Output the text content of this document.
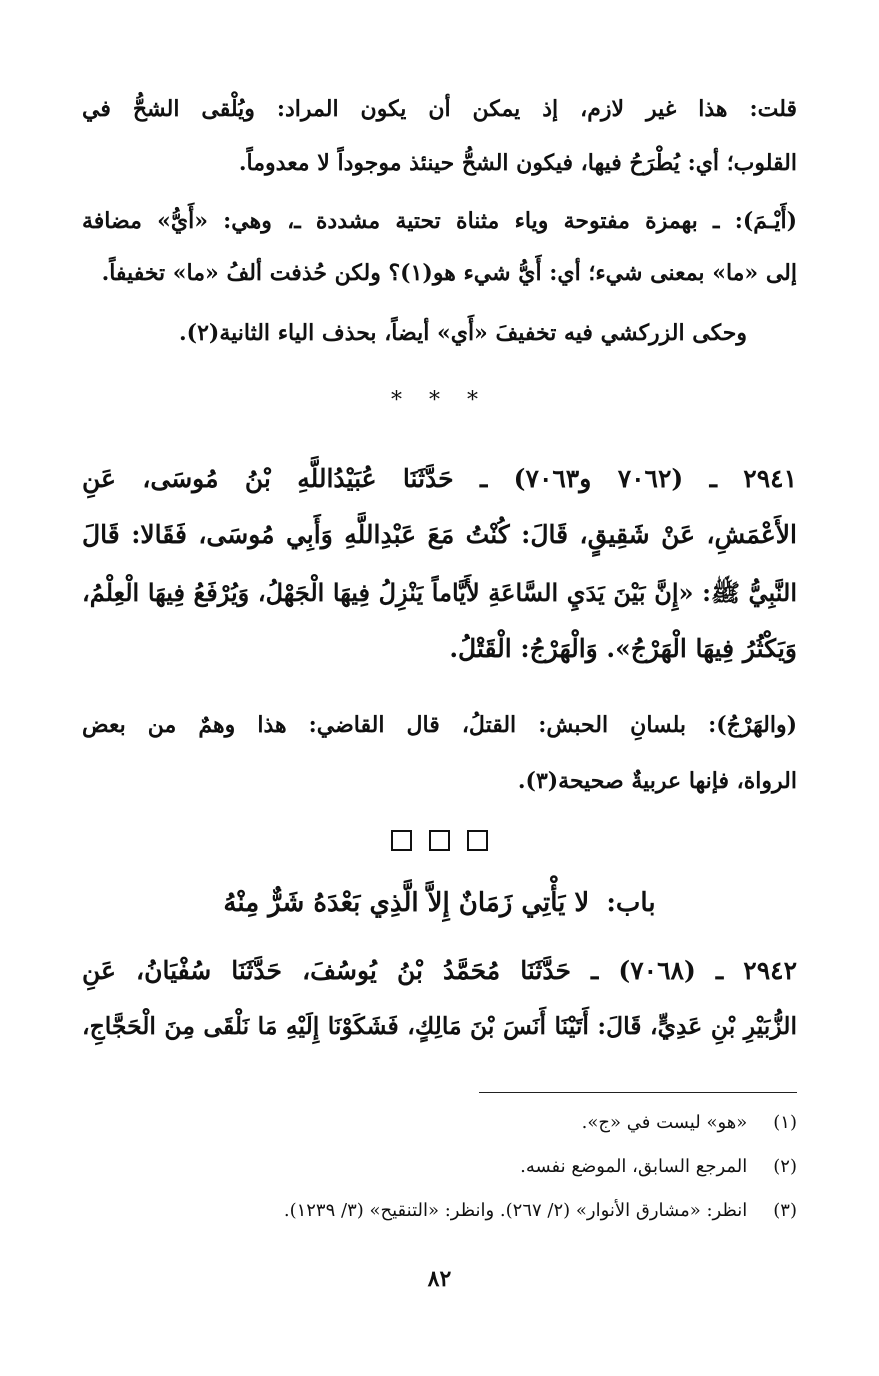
قلت: هذا غير لازم، إذ يمكن أن يكون المراد: ويُلْقى الشحُّ في
القلوب؛ أي: يُطْرَحُ فيها، فيكون الشحُّ حينئذ موجوداً لا معدوماً.
(أَيْـمَ): ـ بهمزة مفتوحة وياء مثناة تحتية مشددة ـ، وهي: «أَيُّ» مضافة
إلى «ما» بمعنى شيء؛ أي: أَيُّ شيء هو(١)؟ ولكن حُذفت ألفُ «ما» تخفيفاً.
وحكى الزركشي فيه تخفيفَ «أَي» أيضاً، بحذف الياء الثانية(٢).
* * *
٢٩٤١ ـ (٧٠٦٢ و٧٠٦٣) ـ حَدَّثَنَا عُبَيْدُاللَّهِ بْنُ مُوسَى، عَنِ
الأَعْمَشِ، عَنْ شَقِيقٍ، قَالَ: كُنْتُ مَعَ عَبْدِاللَّهِ وَأَبِي مُوسَى، فَقَالا: قَالَ
النَّبِيُّ ﷺ: «إِنَّ بَيْنَ يَدَيِ السَّاعَةِ لأَيَّاماً يَنْزِلُ فِيهَا الْجَهْلُ، وَيُرْفَعُ فِيهَا الْعِلْمُ،
وَيَكْثُرُ فِيهَا الْهَرْجُ». وَالْهَرْجُ: الْقَتْلُ.
(والهَرْجُ): بلسانِ الحبش: القتلُ، قال القاضي: هذا وهمٌ من بعض
الرواة، فإنها عربيةٌ صحيحة(٣).

باب: لا يَأْتِي زَمَانٌ إِلاَّ الَّذِي بَعْدَهُ شَرٌّ مِنْهُ
٢٩٤٢ ـ (٧٠٦٨) ـ حَدَّثَنَا مُحَمَّدُ بْنُ يُوسُفَ، حَدَّثَنَا سُفْيَانُ، عَنِ
الزُّبَيْرِ بْنِ عَدِيٍّ، قَالَ: أَتَيْنَا أَنَسَ بْنَ مَالِكٍ، فَشَكَوْنَا إِلَيْهِ مَا نَلْقَى مِنَ الْحَجَّاجِ،
(١) «هو» ليست في «ج».
(٢) المرجع السابق، الموضع نفسه.
(٣) انظر: «مشارق الأنوار» (٢/ ٢٦٧). وانظر: «التنقيح» (٣/ ١٢٣٩).
٨٢
